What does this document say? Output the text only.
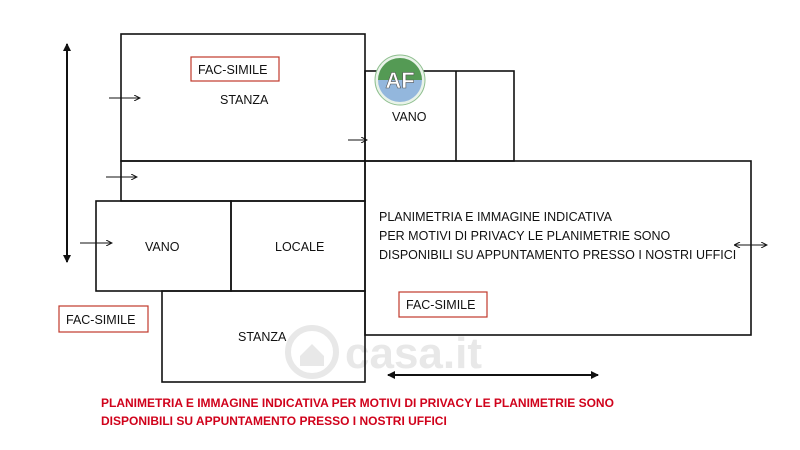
casa.it
AF
STANZA
VANO
VANO	LOCALE
STANZA
FAC-SIMILE
FAC-SIMILE
FAC-SIMILE
PLANIMETRIA E IMMAGINE INDICATIVA
PER MOTIVI DI PRIVACY LE PLANIMETRIE SONO
DISPONIBILI SU APPUNTAMENTO PRESSO I NOSTRI UFFICI
PLANIMETRIA E IMMAGINE INDICATIVA PER MOTIVI DI PRIVACY LE PLANIMETRIE SONO
DISPONIBILI SU APPUNTAMENTO PRESSO I NOSTRI UFFICI
